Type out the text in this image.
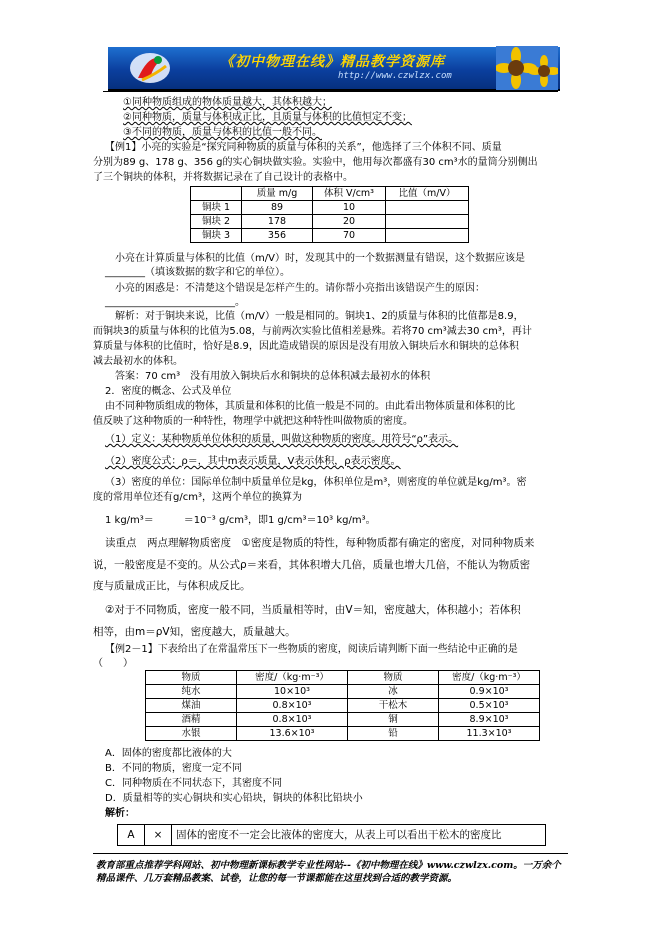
《初中物理在线》精品教学资源库
http://www.czwlzx.com
①同种物质组成的物体质量越大，其体积越大；
②同种物质，质量与体积成正比，且质量与体积的比值恒定不变；
③不同的物质，质量与体积的比值一般不同。
【例1】小亮的实验是“探究同种物质的质量与体积的关系”，他选择了三个体积不同、质量
分别为89 g、178 g、356 g的实心铜块做实验。实验中，他用每次都盛有30 cm³水的量筒分别侧出
了三个铜块的体积，并将数据记录在了自己设计的表格中。
	质量 m/g	体积 V/cm³	比值（m/V）
铜块 1	89	10	
铜块 2	178	20	
铜块 3	356	70	
小亮在计算质量与体积的比值（m/V）时，发现其中的一个数据测量有错误，这个数据应该是
________（填该数据的数字和它的单位）。
小亮的困惑是：不清楚这个错误是怎样产生的。请你帮小亮指出该错误产生的原因：
__________________________。
解析：对于铜块来说，比值（m/V）一般是相同的。铜块1、2的质量与体积的比值都是8.9，
而铜块3的质量与体积的比值为5.08，与前两次实验比值相差悬殊。若将70 cm³减去30 cm³，再计
算质量与体积的比值时，恰好是8.9，因此造成错误的原因是没有用放入铜块后水和铜块的总体积
减去最初水的体积。
答案：70 cm³　没有用放入铜块后水和铜块的总体积减去最初水的体积
2．密度的概念、公式及单位
由不同种物质组成的物体，其质量和体积的比值一般是不同的。由此看出物体质量和体积的比
值反映了这种物质的一种特性，物理学中就把这种特性叫做物质的密度。
（1）定义：某种物质单位体积的质量，叫做这种物质的密度。用符号“ρ”表示。
（2）密度公式：ρ＝，其中m表示质量，V表示体积，ρ表示密度。
（3）密度的单位：国际单位制中质量单位是kg，体积单位是m³，则密度的单位就是kg/m³。密
度的常用单位还有g/cm³，这两个单位的换算为
1 kg/m³＝　　　＝10⁻³ g/cm³，即1 g/cm³＝10³ kg/m³。
读重点　两点理解物质密度　①密度是物质的特性，每种物质都有确定的密度，对同种物质来
说，一般密度是不变的。从公式ρ＝来看，其体积增大几倍，质量也增大几倍，不能认为物质密
度与质量成正比，与体积成反比。
②对于不同物质，密度一般不同，当质量相等时，由V＝知，密度越大，体积越小；若体积
相等，由m＝ρV知，密度越大，质量越大。
【例2－1】下表给出了在常温常压下一些物质的密度，阅读后请判断下面一些结论中正确的是
（　　）
物质	密度/（kg·m⁻³）	物质	密度/（kg·m⁻³）
纯水	10×10³	冰	0.9×10³
煤油	0.8×10³	干松木	0.5×10³
酒精	0.8×10³	铜	8.9×10³
水银	13.6×10³	铅	11.3×10³
A．固体的密度都比液体的大
B．不同的物质，密度一定不同
C．同种物质在不同状态下，其密度不同
D．质量相等的实心铜块和实心铅块，铜块的体积比铅块小
解析：
A	×	固体的密度不一定会比液体的密度大，从表上可以看出干松木的密度比
教育部重点推荐学科网站、初中物理新课标教学专业性网站--《初中物理在线》www.czwlzx.com。一万余个精品课件、几万套精品教案、试卷，让您的每一节课都能在这里找到合适的教学资源。
